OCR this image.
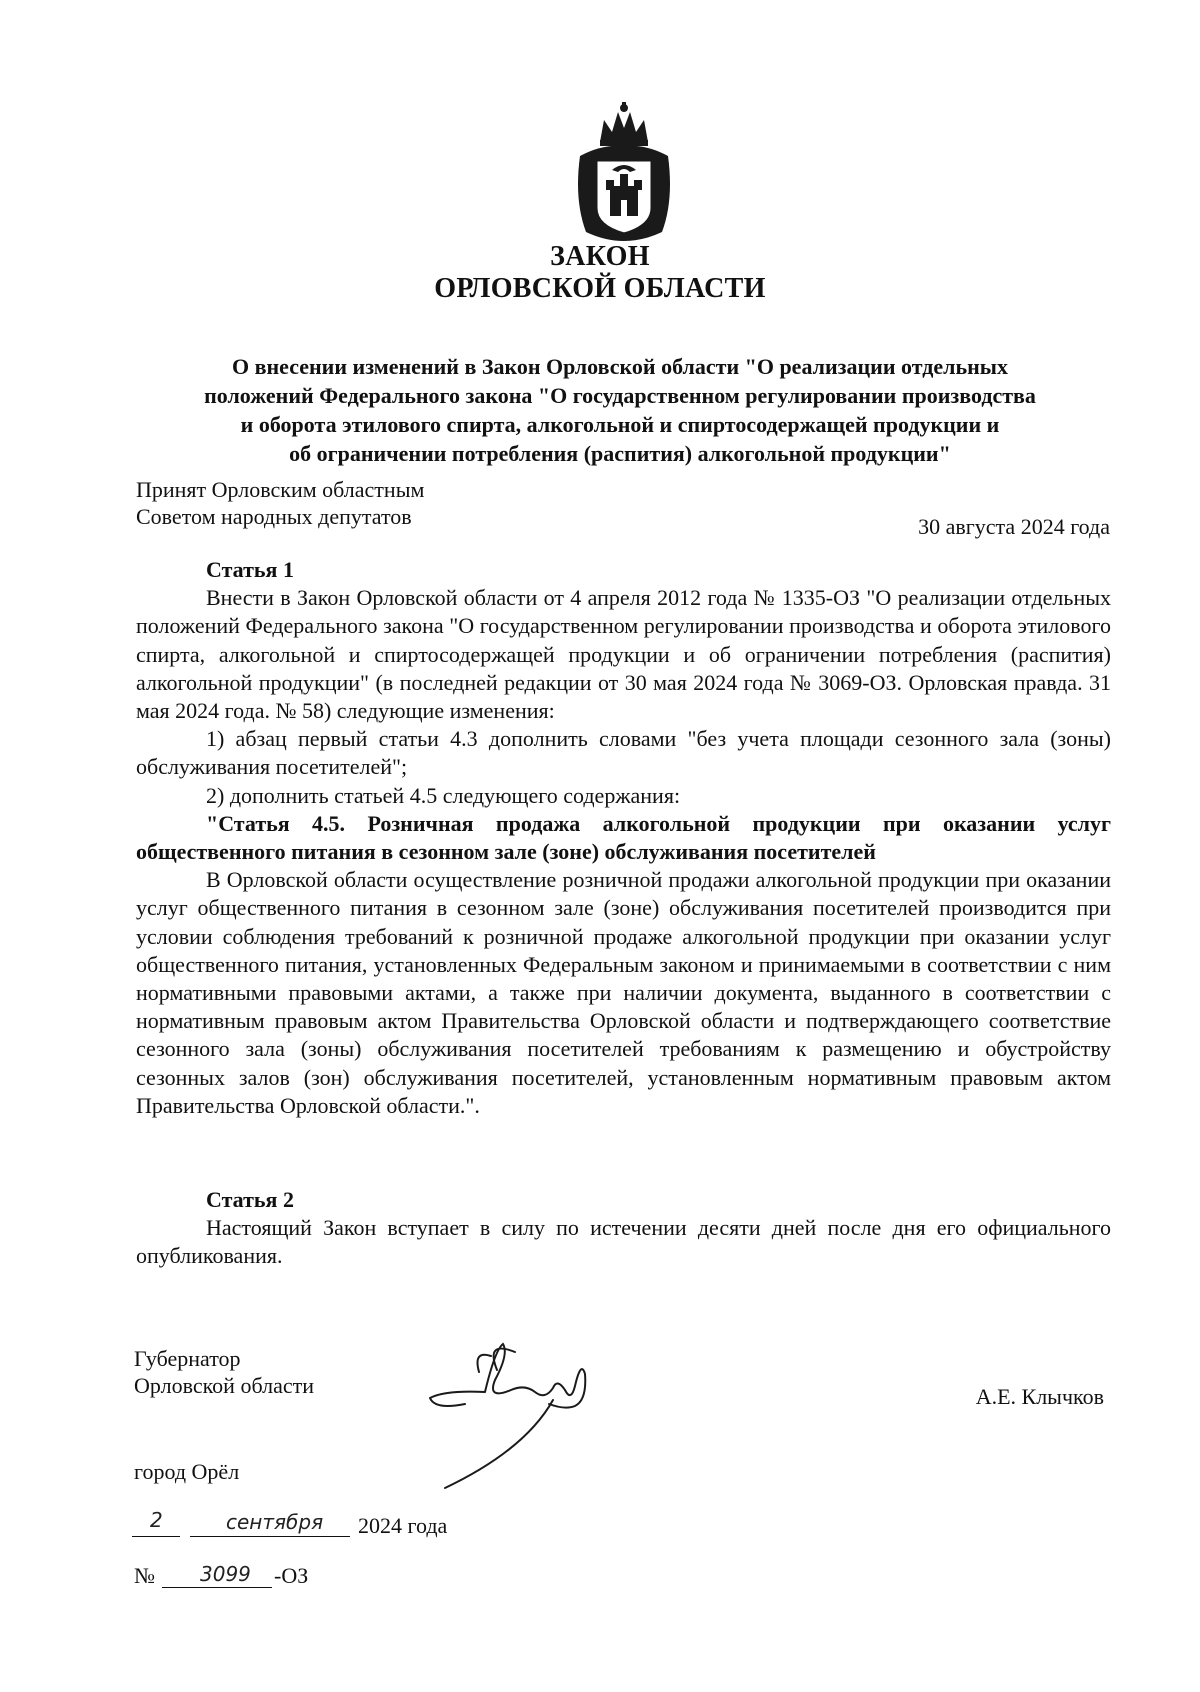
ЗАКОН
ОРЛОВСКОЙ ОБЛАСТИ
О внесении изменений в Закон Орловской области "О реализации отдельных
положений Федерального закона "О государственном регулировании производства
и оборота этилового спирта, алкогольной и спиртосодержащей продукции и
об ограничении потребления (распития) алкогольной продукции"
Принят Орловским областным
Советом народных депутатов	30 августа 2024 года

Статья 1

Внести в Закон Орловской области от 4 апреля 2012 года № 1335-ОЗ "О реализации отдельных положений Федерального закона "О государственном регулировании производства и оборота этилового спирта, алкогольной и спиртосодержащей продукции и об ограничении потребления (распития) алкогольной продукции" (в последней редакции от 30 мая 2024 года № 3069-ОЗ. Орловская правда. 31 мая 2024 года. № 58) следующие изменения:

1) абзац первый статьи 4.3 дополнить словами "без учета площади сезонного зала (зоны) обслуживания посетителей";

2) дополнить статьей 4.5 следующего содержания:

"Статья 4.5. Розничная продажа алкогольной продукции при оказании услуг общественного питания в сезонном зале (зоне) обслуживания посетителей

В Орловской области осуществление розничной продажи алкогольной продукции при оказании услуг общественного питания в сезонном зале (зоне) обслуживания посетителей производится при условии соблюдения требований к розничной продаже алкогольной продукции при оказании услуг общественного питания, установленных Федеральным законом и принимаемыми в соответствии с ним нормативными правовыми актами, а также при наличии документа, выданного в соответствии с нормативным правовым актом Правительства Орловской области и подтверждающего соответствие сезонного зала (зоны) обслуживания посетителей требованиям к размещению и обустройству сезонных залов (зон) обслуживания посетителей, установленным нормативным правовым актом Правительства Орловской области.".

Статья 2

Настоящий Закон вступает в силу по истечении десяти дней после дня его официального опубликования.

Губернатор
Орловской области	А.Е. Клычков
город Орёл
2	сентября 2024 года
№ 3099 -ОЗ
